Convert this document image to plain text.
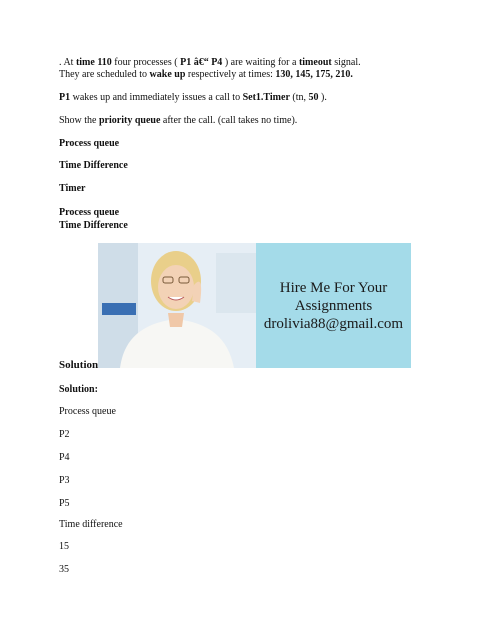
. At time 110 four processes ( P1 â€“ P4 ) are waiting for a timeout signal.
They are scheduled to wake up respectively at times: 130, 145, 175, 210.
P1 wakes up and immediately issues a call to Set1.Timer (tn, 50 ).
Show the priority queue after the call. (call takes no time).
Process queue
Time Difference
Timer
Process queue
Time Difference
Hire Me For Your
Assignments
drolivia88@gmail.com
Solution
Solution:
Process queue
P2
P4
P3
P5
Time difference
15
35
